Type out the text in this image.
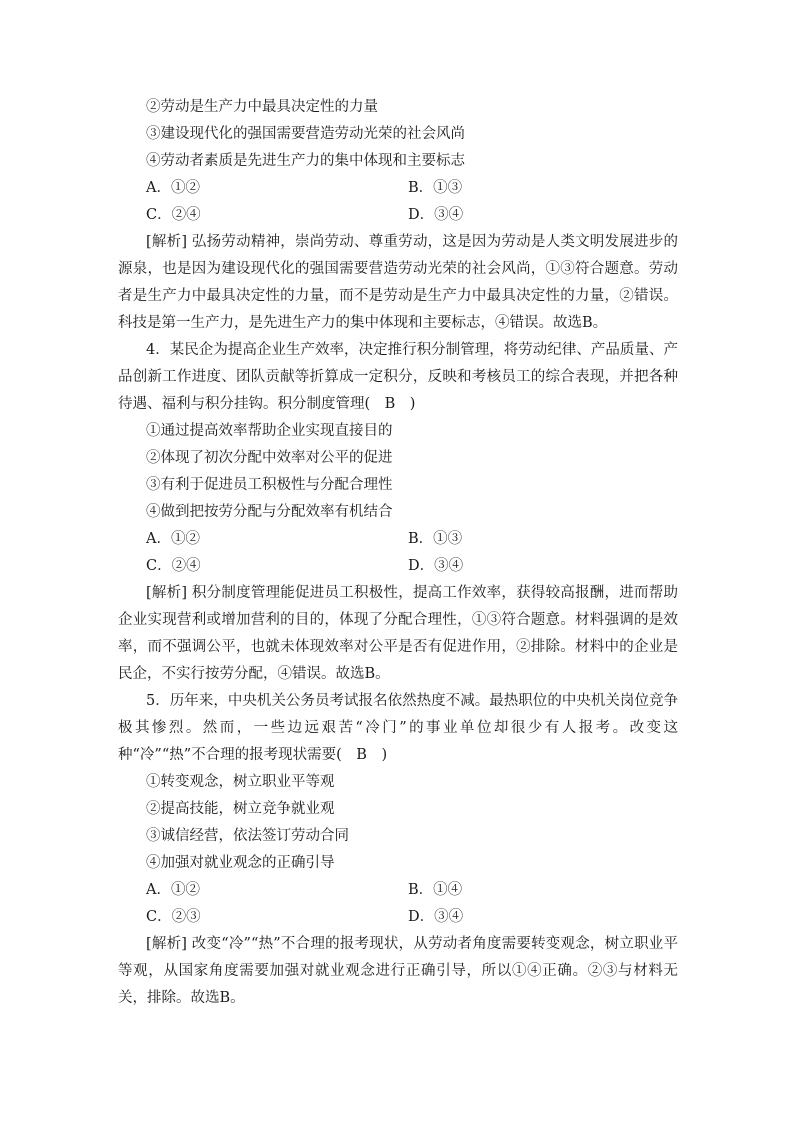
②劳动是生产力中最具决定性的力量
③建设现代化的强国需要营造劳动光荣的社会风尚
④劳动者素质是先进生产力的集中体现和主要标志
A．①②	B．①③
C．②④	D．③④

[解析] 弘扬劳动精神，崇尚劳动、尊重劳动，这是因为劳动是人类文明发展进步的源泉，也是因为建设现代化的强国需要营造劳动光荣的社会风尚，①③符合题意。劳动者是生产力中最具决定性的力量，而不是劳动是生产力中最具决定性的力量，②错误。科技是第一生产力，是先进生产力的集中体现和主要标志，④错误。故选B。

4．某民企为提高企业生产效率，决定推行积分制管理，将劳动纪律、产品质量、产品创新工作进度、团队贡献等折算成一定积分，反映和考核员工的综合表现，并把各种待遇、福利与积分挂钩。积分制度管理(　B　)

①通过提高效率帮助企业实现直接目的
②体现了初次分配中效率对公平的促进
③有利于促进员工积极性与分配合理性
④做到把按劳分配与分配效率有机结合
A．①②	B．①③
C．②④	D．③④

[解析] 积分制度管理能促进员工积极性，提高工作效率，获得较高报酬，进而帮助企业实现营利或增加营利的目的，体现了分配合理性，①③符合题意。材料强调的是效率，而不强调公平，也就未体现效率对公平是否有促进作用，②排除。材料中的企业是民企，不实行按劳分配，④错误。故选B。

5．历年来，中央机关公务员考试报名依然热度不减。最热职位的中央机关岗位竞争极其惨烈。然而，一些边远艰苦“冷门”的事业单位却很少有人报考。改变这种“冷”“热”不合理的报考现状需要(　B　)

①转变观念，树立职业平等观
②提高技能，树立竞争就业观
③诚信经营，依法签订劳动合同
④加强对就业观念的正确引导
A．①②	B．①④
C．②③	D．③④

[解析] 改变“冷”“热”不合理的报考现状，从劳动者角度需要转变观念，树立职业平等观，从国家角度需要加强对就业观念进行正确引导，所以①④正确。②③与材料无关，排除。故选B。
